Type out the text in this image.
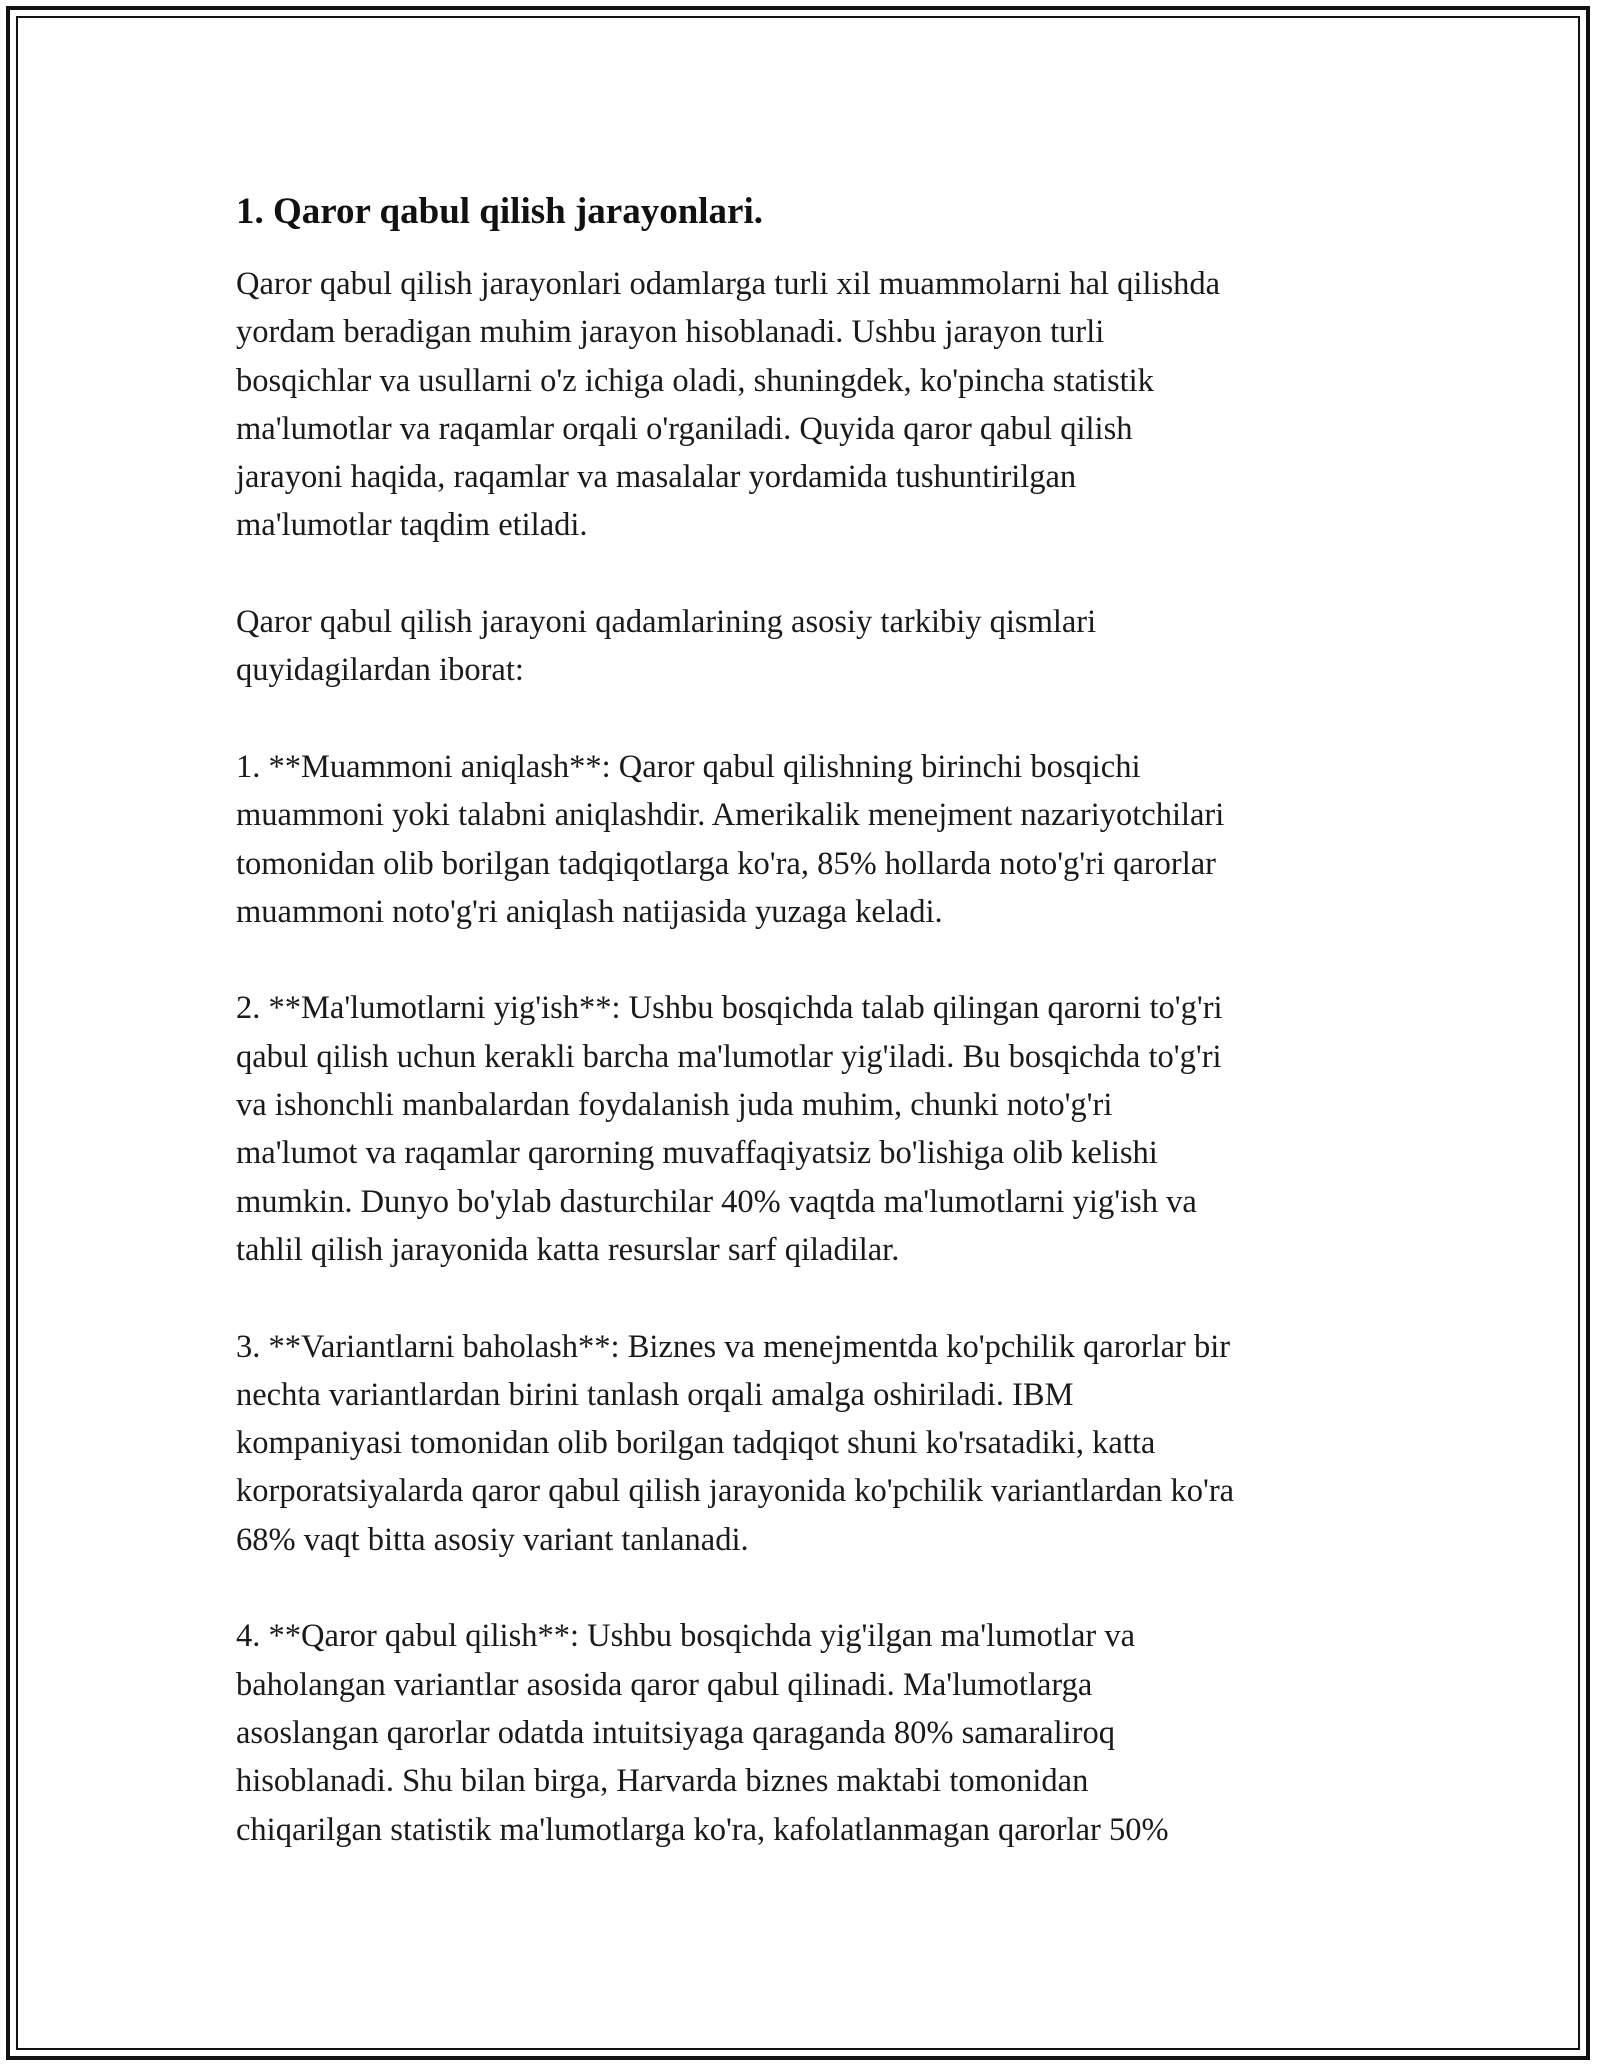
1. Qaror qabul qilish jarayonlari.

Qaror qabul qilish jarayonlari odamlarga turli xil muammolarni hal qilishda
yordam beradigan muhim jarayon hisoblanadi. Ushbu jarayon turli
bosqichlar va usullarni o'z ichiga oladi, shuningdek, ko'pincha statistik
ma'lumotlar va raqamlar orqali o'rganiladi. Quyida qaror qabul qilish
jarayoni haqida, raqamlar va masalalar yordamida tushuntirilgan
ma'lumotlar taqdim etiladi.

Qaror qabul qilish jarayoni qadamlarining asosiy tarkibiy qismlari
quyidagilardan iborat:

1. **Muammoni aniqlash**: Qaror qabul qilishning birinchi bosqichi
muammoni yoki talabni aniqlashdir. Amerikalik menejment nazariyotchilari
tomonidan olib borilgan tadqiqotlarga ko'ra, 85% hollarda noto'g'ri qarorlar
muammoni noto'g'ri aniqlash natijasida yuzaga keladi.

2. **Ma'lumotlarni yig'ish**: Ushbu bosqichda talab qilingan qarorni to'g'ri
qabul qilish uchun kerakli barcha ma'lumotlar yig'iladi. Bu bosqichda to'g'ri
va ishonchli manbalardan foydalanish juda muhim, chunki noto'g'ri
ma'lumot va raqamlar qarorning muvaffaqiyatsiz bo'lishiga olib kelishi
mumkin. Dunyo bo'ylab dasturchilar 40% vaqtda ma'lumotlarni yig'ish va
tahlil qilish jarayonida katta resurslar sarf qiladilar.

3. **Variantlarni baholash**: Biznes va menejmentda ko'pchilik qarorlar bir
nechta variantlardan birini tanlash orqali amalga oshiriladi. IBM
kompaniyasi tomonidan olib borilgan tadqiqot shuni ko'rsatadiki, katta
korporatsiyalarda qaror qabul qilish jarayonida ko'pchilik variantlardan ko'ra
68% vaqt bitta asosiy variant tanlanadi.

4. **Qaror qabul qilish**: Ushbu bosqichda yig'ilgan ma'lumotlar va
baholangan variantlar asosida qaror qabul qilinadi. Ma'lumotlarga
asoslangan qarorlar odatda intuitsiyaga qaraganda 80% samaraliroq
hisoblanadi. Shu bilan birga, Harvarda biznes maktabi tomonidan
chiqarilgan statistik ma'lumotlarga ko'ra, kafolatlanmagan qarorlar 50%
